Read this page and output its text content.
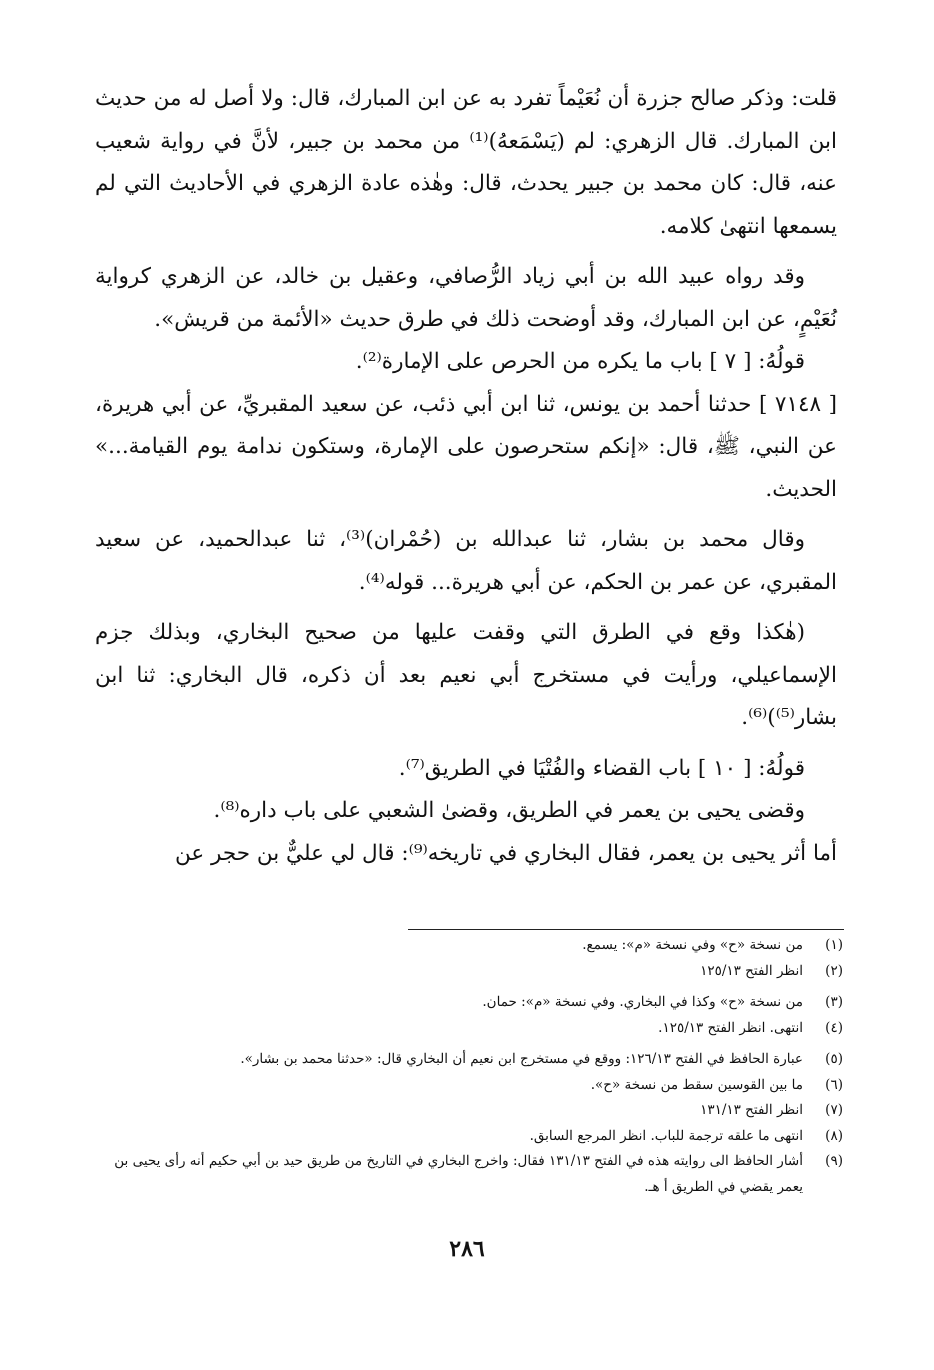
قلت: وذكر صالح جزرة أن نُعَيْماً تفرد به عن ابن المبارك، قال: ولا أصل له من حديث ابن المبارك. قال الزهري: لم (يَسْمَعهُ)⁽¹⁾ من محمد بن جبير، لأنَّ في رواية شعيب عنه، قال: كان محمد بن جبير يحدث، قال: وهٰذه عادة الزهري في الأحاديث التي لم يسمعها انتهىٰ كلامه.

وقد رواه عبيد الله بن أبي زياد الرُّصافي، وعقيل بن خالد، عن الزهري كرواية نُعَيْمٍ، عن ابن المبارك، وقد أوضحت ذلك في طرق حديث «الأئمة من قريش».

قولُهُ: [ ٧ ] باب ما يكره من الحرص على الإمارة⁽²⁾.

[ ٧١٤٨ ] حدثنا أحمد بن يونس، ثنا ابن أبي ذئب، عن سعيد المقبريِّ، عن أبي هريرة، عن النبي، ﷺ، قال: «إنكم ستحرصون على الإمارة، وستكون ندامة يوم القيامة...» الحديث.

وقال محمد بن بشار، ثنا عبدالله بن (حُمْران)⁽³⁾، ثنا عبدالحميد، عن سعيد المقبري، عن عمر بن الحكم، عن أبي هريرة... قوله⁽⁴⁾.

(هٰكذا وقع في الطرق التي وقفت عليها من صحيح البخاري، وبذلك جزم الإسماعيلي، ورأيت في مستخرج أبي نعيم بعد أن ذكره، قال البخاري: ثنا ابن بشار⁽⁵⁾)⁽⁶⁾.

قولُهُ: [ ١٠ ] باب القضاء والفُتْيَا في الطريق⁽⁷⁾.

وقضى يحيى بن يعمر في الطريق، وقضىٰ الشعبي على باب داره⁽⁸⁾.

أما أثر يحيى بن يعمر، فقال البخاري في تاريخه⁽⁹⁾: قال لي عليٌّ بن حجر عن

(١)
من نسخة «ح» وفي نسخة «م»: يسمع.
(٢)
انظر الفتح ١٢٥/١٣
(٣)
من نسخة «ح» وكذا في البخاري. وفي نسخة «م»: حمان.
(٤)
انتهى. انظر الفتح ١٢٥/١٣.
(٥)
عبارة الحافظ في الفتح ١٢٦/١٣: ووقع في مستخرج ابن نعيم أن البخاري قال: «حدثنا محمد بن بشار».
(٦)
ما بين القوسين سقط من نسخة «ح».
(٧)
انظر الفتح ١٣١/١٣
(٨)
انتهى ما علقه ترجمة للباب. انظر المرجع السابق.
(٩)
أشار الحافظ الى روايته هذه في الفتح ١٣١/١٣ فقال: واخرج البخاري في التاريخ من طريق حيد بن أبي حكيم أنه رأى يحيى بن يعمر يقضي في الطريق أ هـ.
٢٨٦
